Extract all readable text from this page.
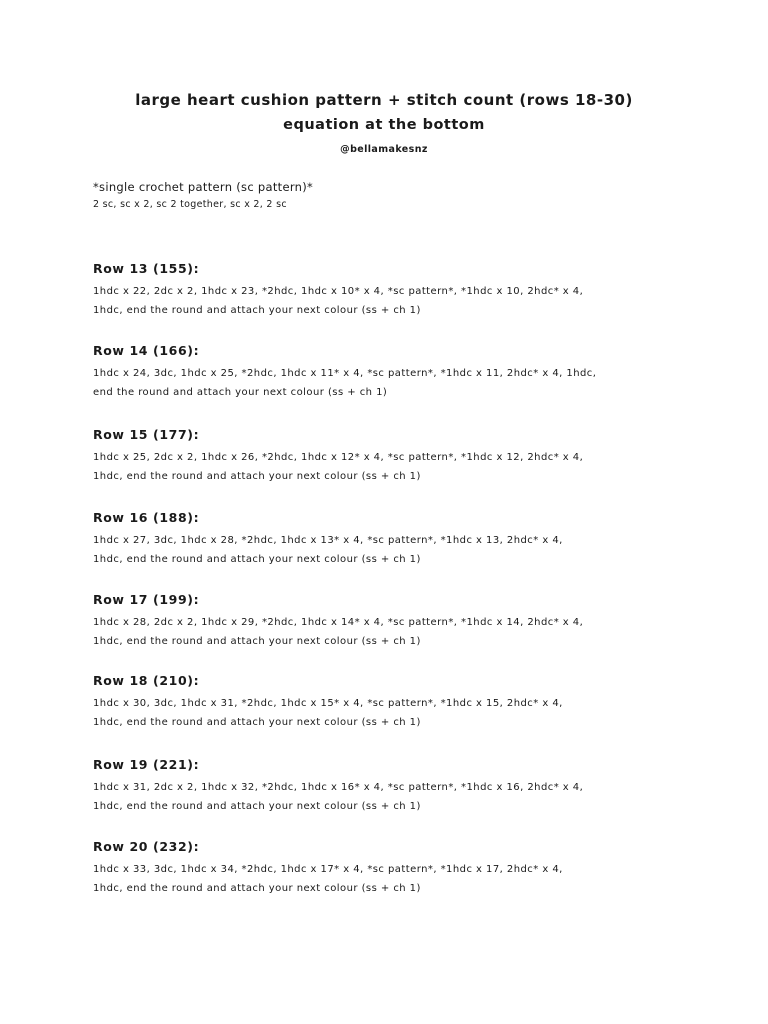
large heart cushion pattern + stitch count (rows 18-30)
equation at the bottom
@bellamakesnz
*single crochet pattern (sc pattern)*
2 sc, sc x 2, sc 2 together, sc x 2, 2 sc
Row 13 (155):
1hdc x 22, 2dc x 2, 1hdc x 23, *2hdc, 1hdc x 10* x 4, *sc pattern*, *1hdc x 10, 2hdc* x 4,
1hdc, end the round and attach your next colour (ss + ch 1)
Row 14 (166):
1hdc x 24, 3dc, 1hdc x 25, *2hdc, 1hdc x 11* x 4, *sc pattern*, *1hdc x 11, 2hdc* x 4, 1hdc,
end the round and attach your next colour (ss + ch 1)
Row 15 (177):
1hdc x 25, 2dc x 2, 1hdc x 26, *2hdc, 1hdc x 12* x 4, *sc pattern*, *1hdc x 12, 2hdc* x 4,
1hdc, end the round and attach your next colour (ss + ch 1)
Row 16 (188):
1hdc x 27, 3dc, 1hdc x 28, *2hdc, 1hdc x 13* x 4, *sc pattern*, *1hdc x 13, 2hdc* x 4,
1hdc, end the round and attach your next colour (ss + ch 1)
Row 17 (199):
1hdc x 28, 2dc x 2, 1hdc x 29, *2hdc, 1hdc x 14* x 4, *sc pattern*, *1hdc x 14, 2hdc* x 4,
1hdc, end the round and attach your next colour (ss + ch 1)
Row 18 (210):
1hdc x 30, 3dc, 1hdc x 31, *2hdc, 1hdc x 15* x 4, *sc pattern*, *1hdc x 15, 2hdc* x 4,
1hdc, end the round and attach your next colour (ss + ch 1)
Row 19 (221):
1hdc x 31, 2dc x 2, 1hdc x 32, *2hdc, 1hdc x 16* x 4, *sc pattern*, *1hdc x 16, 2hdc* x 4,
1hdc, end the round and attach your next colour (ss + ch 1)
Row 20 (232):
1hdc x 33, 3dc, 1hdc x 34, *2hdc, 1hdc x 17* x 4, *sc pattern*, *1hdc x 17, 2hdc* x 4,
1hdc, end the round and attach your next colour (ss + ch 1)
